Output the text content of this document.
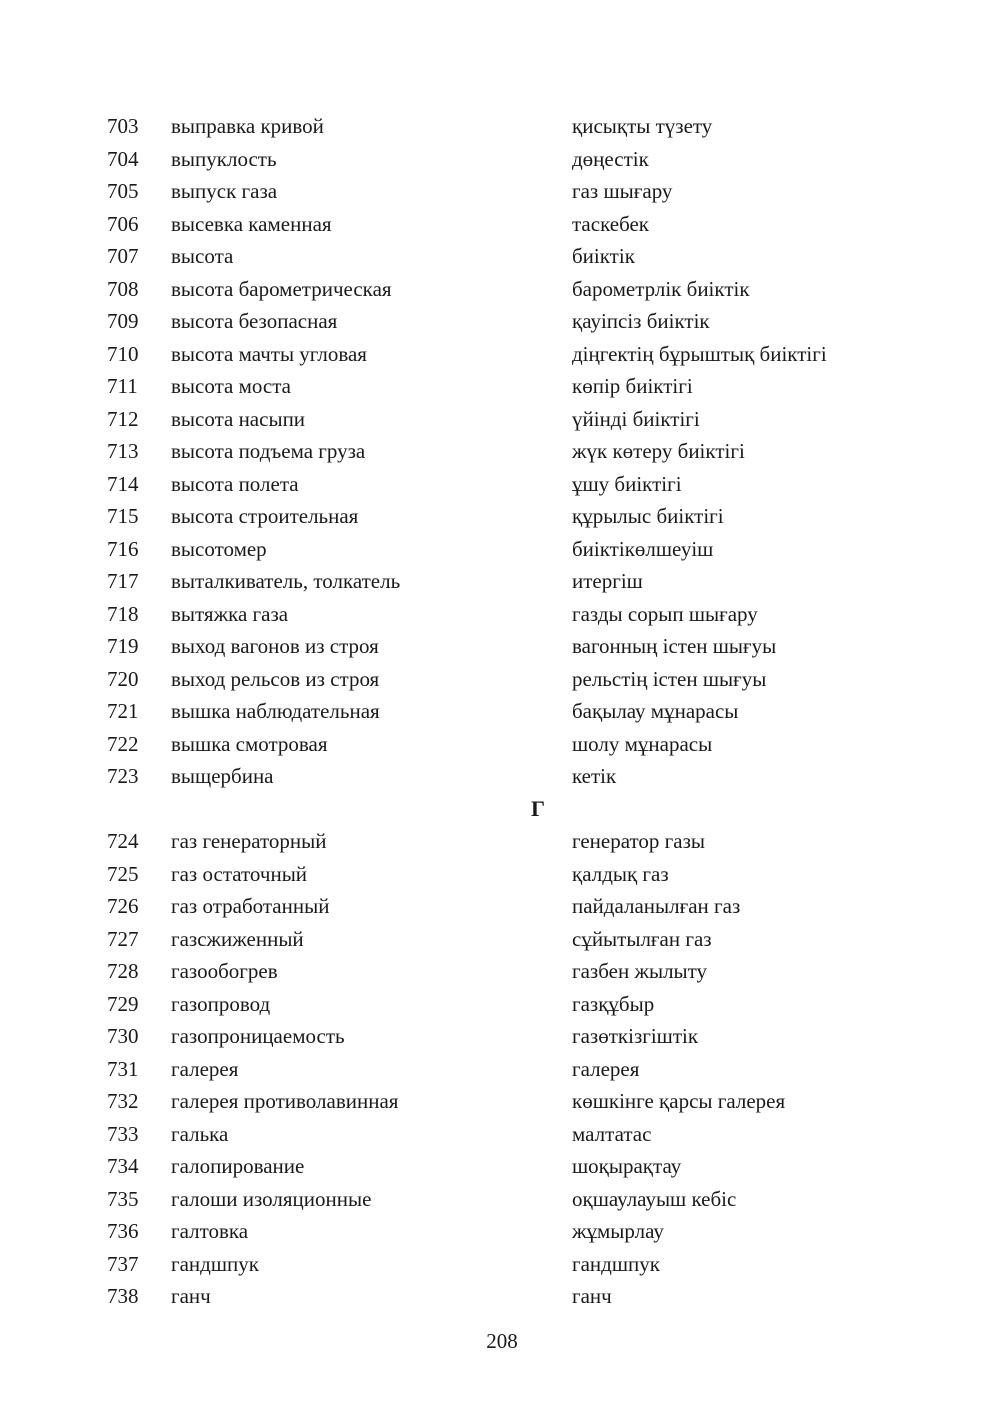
703 выправка кривой	қисықты түзету
704 выпуклость	дөңестік
705 выпуск газа	газ шығару
706 высевка каменная	таскебек
707 высота	биіктік
708 высота барометрическая	барометрлік биіктік
709 высота безопасная	қауіпсіз биіктік
710 высота мачты угловая	діңгектің бұрыштық биіктігі
711 высота моста	көпір биіктігі
712 высота насыпи	үйінді биіктігі
713 высота подъема груза	жүк көтеру биіктігі
714 высота полета	ұшу биіктігі
715 высота строительная	құрылыс биіктігі
716 высотомер	биіктікөлшеуіш
717 выталкиватель, толкатель	итергіш
718 вытяжка газа	газды сорып шығару
719 выход вагонов из строя	вагонның істен шығуы
720 выход рельсов из строя	рельстің істен шығуы
721 вышка наблюдательная	бақылау мұнарасы
722 вышка смотровая	шолу мұнарасы
723 выщербина	кетік
Г
724 газ генераторный	генератор газы
725 газ остаточный	қалдық газ
726 газ отработанный	пайдаланылған газ
727 газсжиженный	сұйытылған газ
728 газообогрев	газбен жылыту
729 газопровод	газқұбыр
730 газопроницаемость	газөткізгіштік
731 галерея	галерея
732 галерея противолавинная	көшкінге қарсы галерея
733 галька	малтатас
734 галопирование	шоқырақтау
735 галоши изоляционные	оқшаулауыш кебіс
736 галтовка	жұмырлау
737 гандшпук	гандшпук
738 ганч	ганч
208
